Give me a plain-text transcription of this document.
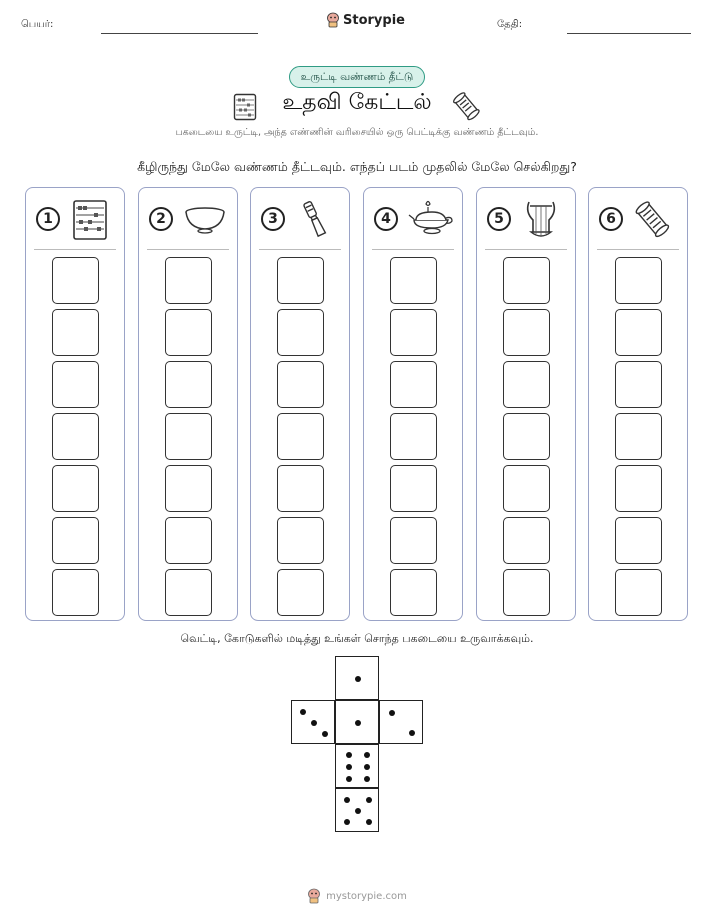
பெயர்:	Storypie	தேதி:
உருட்டி வண்ணம் தீட்டு
உதவி கேட்டல்
பகடையை உருட்டி, அந்த எண்ணின் வரிசையில் ஒரு பெட்டிக்கு வண்ணம் தீட்டவும்.
கீழிருந்து மேலே வண்ணம் தீட்டவும். எந்தப் படம் முதலில் மேலே செல்கிறது?
1	2	3	4	5	6
வெட்டி, கோடுகளில் மடித்து உங்கள் சொந்த பகடையை உருவாக்கவும்.
mystorypie.com
